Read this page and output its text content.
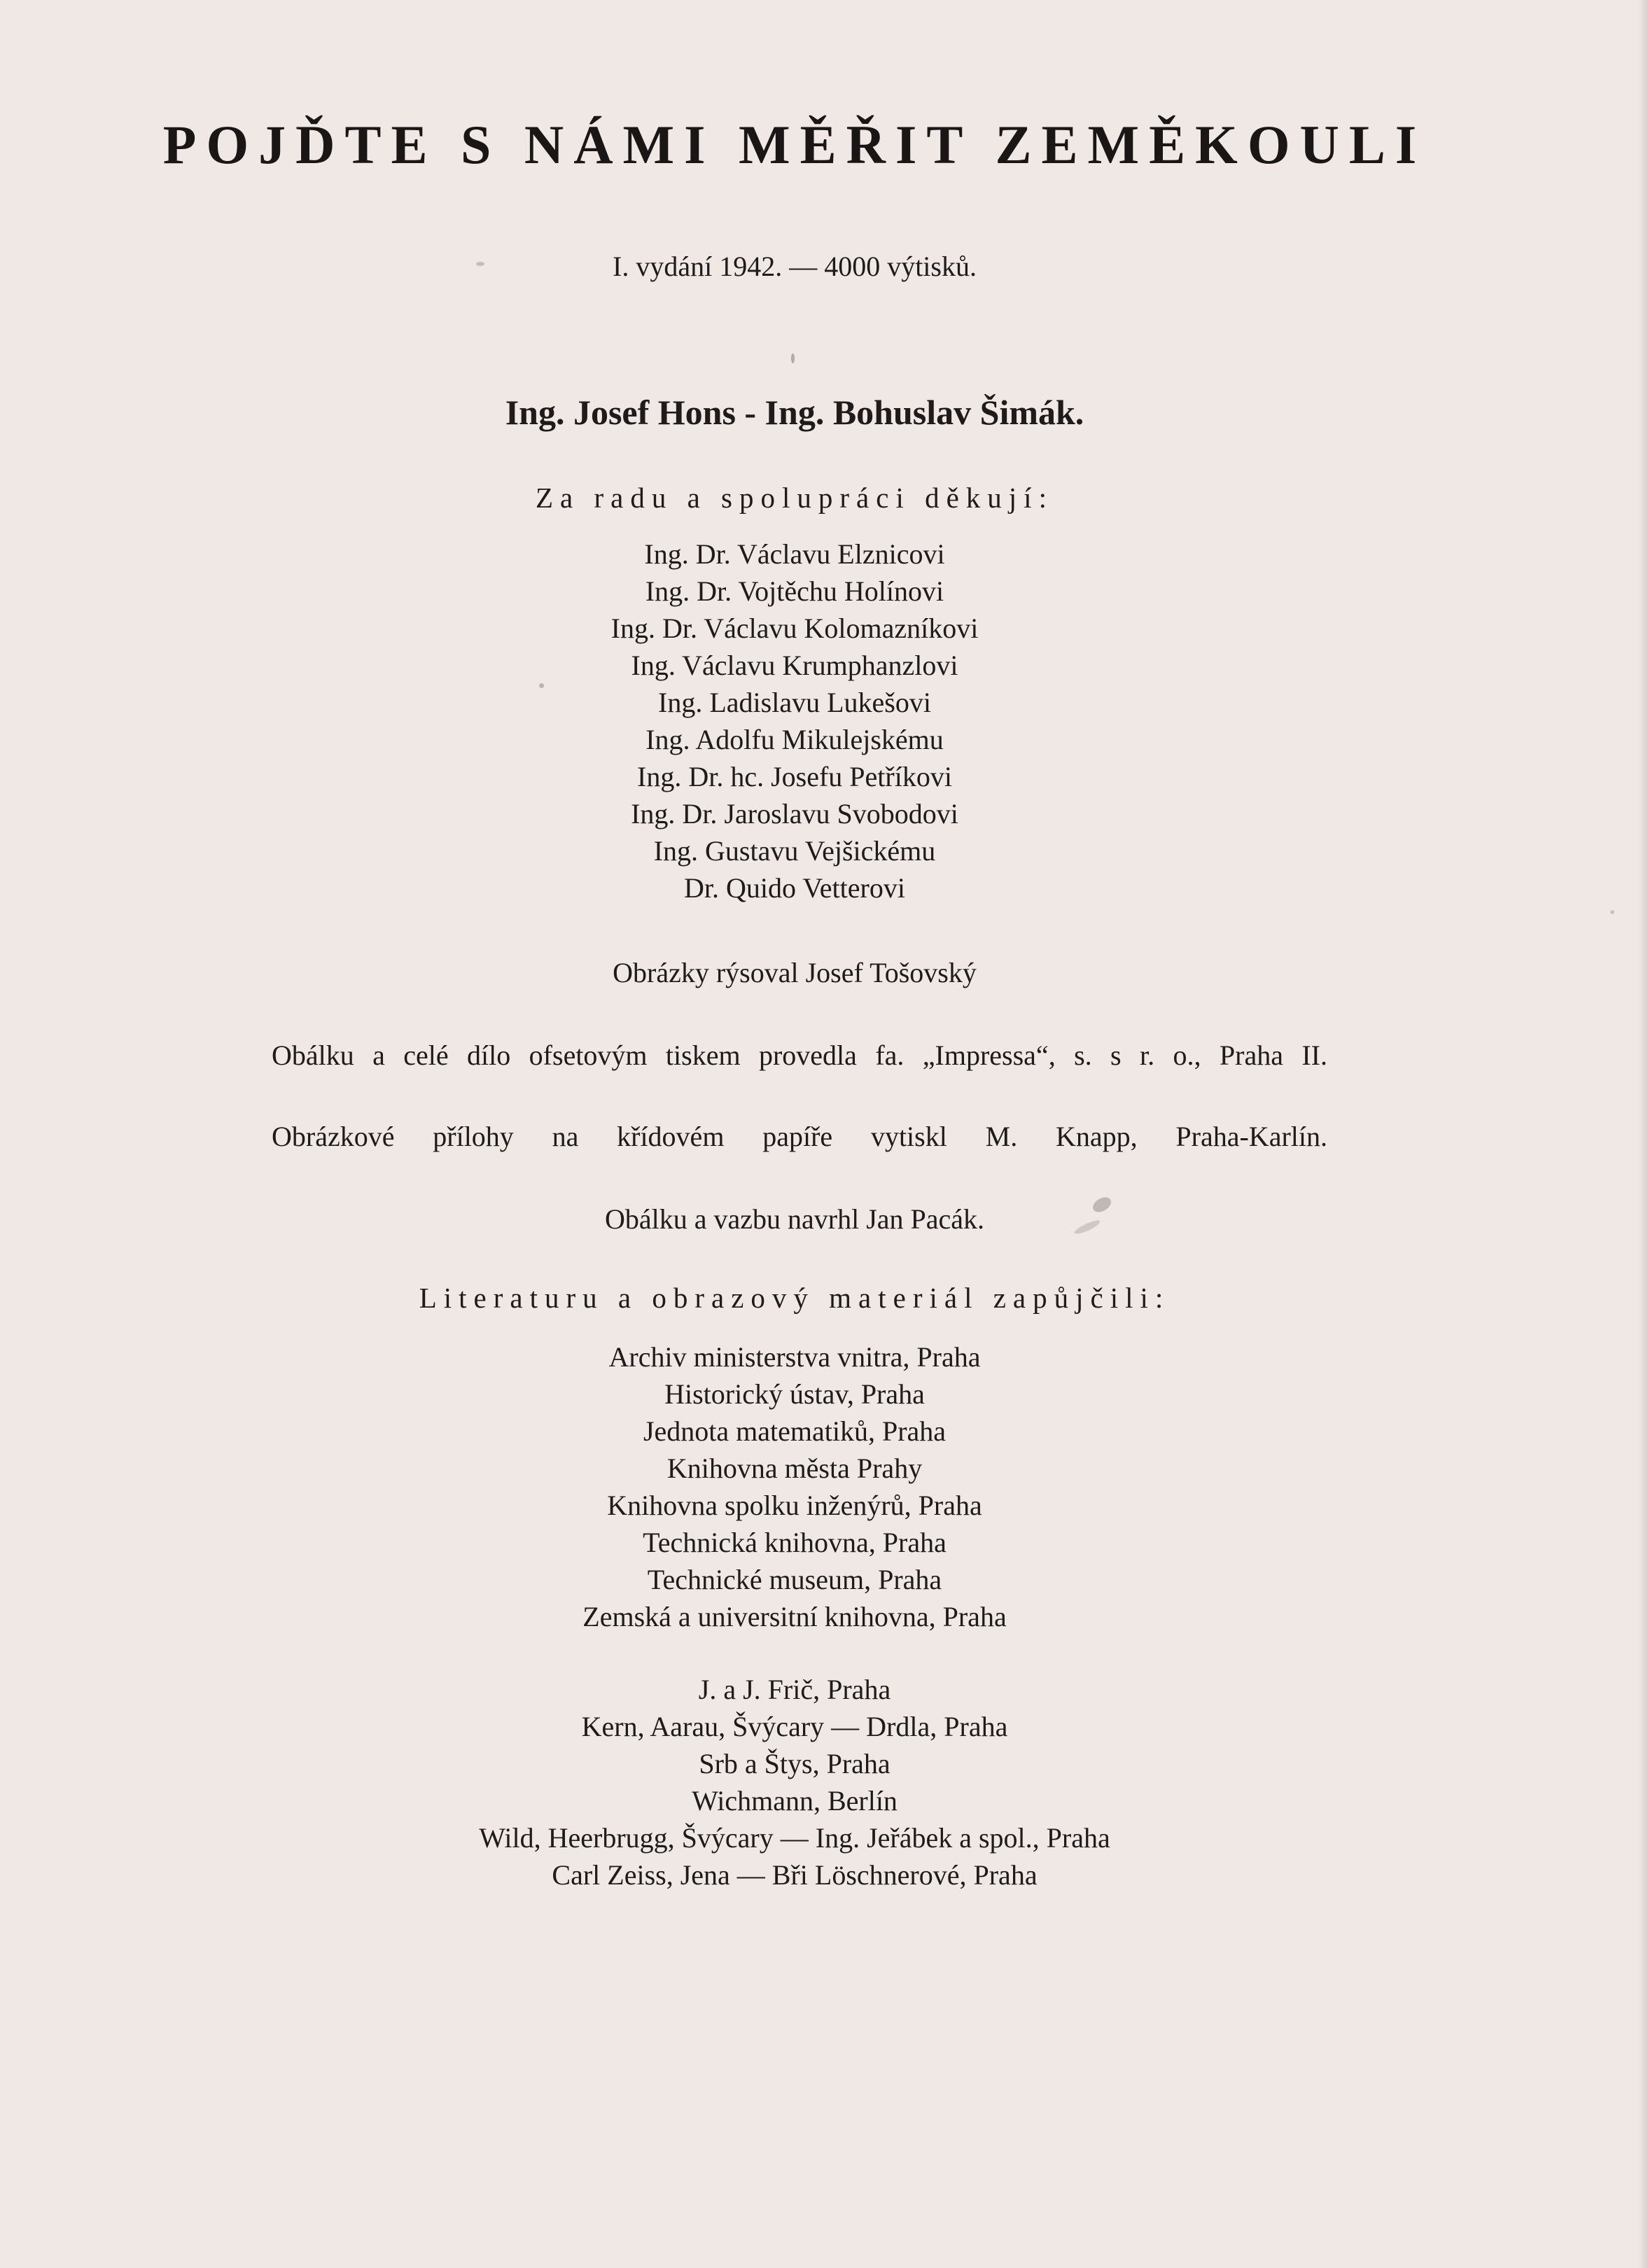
POJĎTE S NÁMI MĚŘIT ZEMĚKOULI
I. vydání 1942. — 4000 výtisků.
Ing. Josef Hons - Ing. Bohuslav Šimák.
Za radu a spolupráci děkují:
Ing. Dr. Václavu Elznicovi
Ing. Dr. Vojtěchu Holínovi
Ing. Dr. Václavu Kolomazníkovi
Ing. Václavu Krumphanzlovi
Ing. Ladislavu Lukešovi
Ing. Adolfu Mikulejskému
Ing. Dr. hc. Josefu Petříkovi
Ing. Dr. Jaroslavu Svobodovi
Ing. Gustavu Vejšickému
Dr. Quido Vetterovi
Obrázky rýsoval Josef Tošovský
Obálku a celé dílo ofsetovým tiskem provedla fa. „Impressa“, s. s r. o., Praha II.
Obrázkové přílohy na křídovém papíře vytiskl M. Knapp, Praha-Karlín.
Obálku a vazbu navrhl Jan Pacák.
Literaturu a obrazový materiál zapůjčili:
Archiv ministerstva vnitra, Praha
Historický ústav, Praha
Jednota matematiků, Praha
Knihovna města Prahy
Knihovna spolku inženýrů, Praha
Technická knihovna, Praha
Technické museum, Praha
Zemská a universitní knihovna, Praha
J. a J. Frič, Praha
Kern, Aarau, Švýcary — Drdla, Praha
Srb a Štys, Praha
Wichmann, Berlín
Wild, Heerbrugg, Švýcary — Ing. Jeřábek a spol., Praha
Carl Zeiss, Jena — Bři Löschnerové, Praha
